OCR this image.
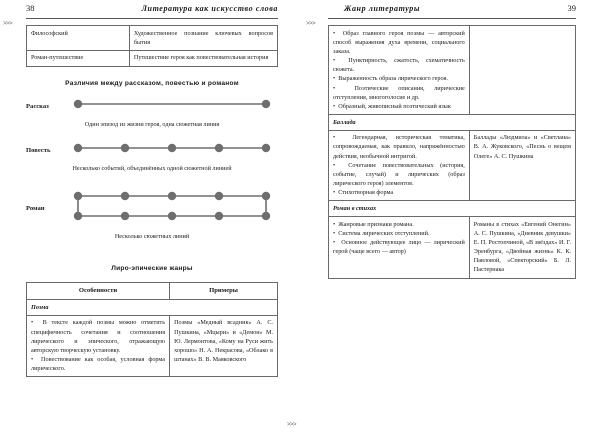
>>>
38	Литература как искусство слова

Философский	Художественное познание ключевых вопросов бытия

Роман-путешествие	Путешествие героя как повествовательная история

Различия между рассказом, повестью и романом
Рассказ

Один эпизод из жизни героя, одна сюжетная линия

Повесть

Несколько событий, объединённых одной сюжетной линией

Роман

Несколько сюжетных линий

Лиро-эпические жанры
Особенности	Примеры
Поэма	

•  В тексте каждой поэмы можно отметить специфичность сочетания и соотношения лирического и эпического, отражающую авторскую творческую установку.

•  Повествование как особая, условная форма лирического.	Поэмы «Медный всадник» А. С. Пушкина, «Мцыри» и «Демон» М. Ю. Лермонтова, «Кому на Руси жить хорошо» Н. А. Некрасова, «Облако в штанах» В. В. Маяковского

>>>
Жанр литературы	39
>>>

•  Образ главного героя поэмы — авторский способ выражения духа времени, социального заказа.

•  Пунктирность, сжатость, схематичность сюжета.

•  Выраженность образа лирического героя.

•  Поэтические описания, лирические отступления, многоголосие и др.

•  Образный, живописный поэтический язык

Баллада	

•  Легендарная, историческая тематика, сопровождаемая, как правило, напряжённостью действия, необычной интригой.

•  Сочетание повествовательных (история, событие, случай) и лирических (образ лирического героя) элементов.

•  Стихотворная форма	Баллады «Людмила» и «Светлана» В. А. Жуковского, «Песнь о вещем Олеге» А. С. Пушкина

Роман в стихах	

•  Жанровые признаки романа.

•  Система лирических отступлений.

•  Основное действующее лицо — лирический герой (чаще всего — автор)	Романы в стихах «Евгений Онегин» А. С. Пушкина, «Дневник девушки» Е. П. Ростопчиной, «В звёздах» И. Г. Эренбурга, «Двойная жизнь» К. К. Павловой, «Спекторский» Б. Л. Пастернака
